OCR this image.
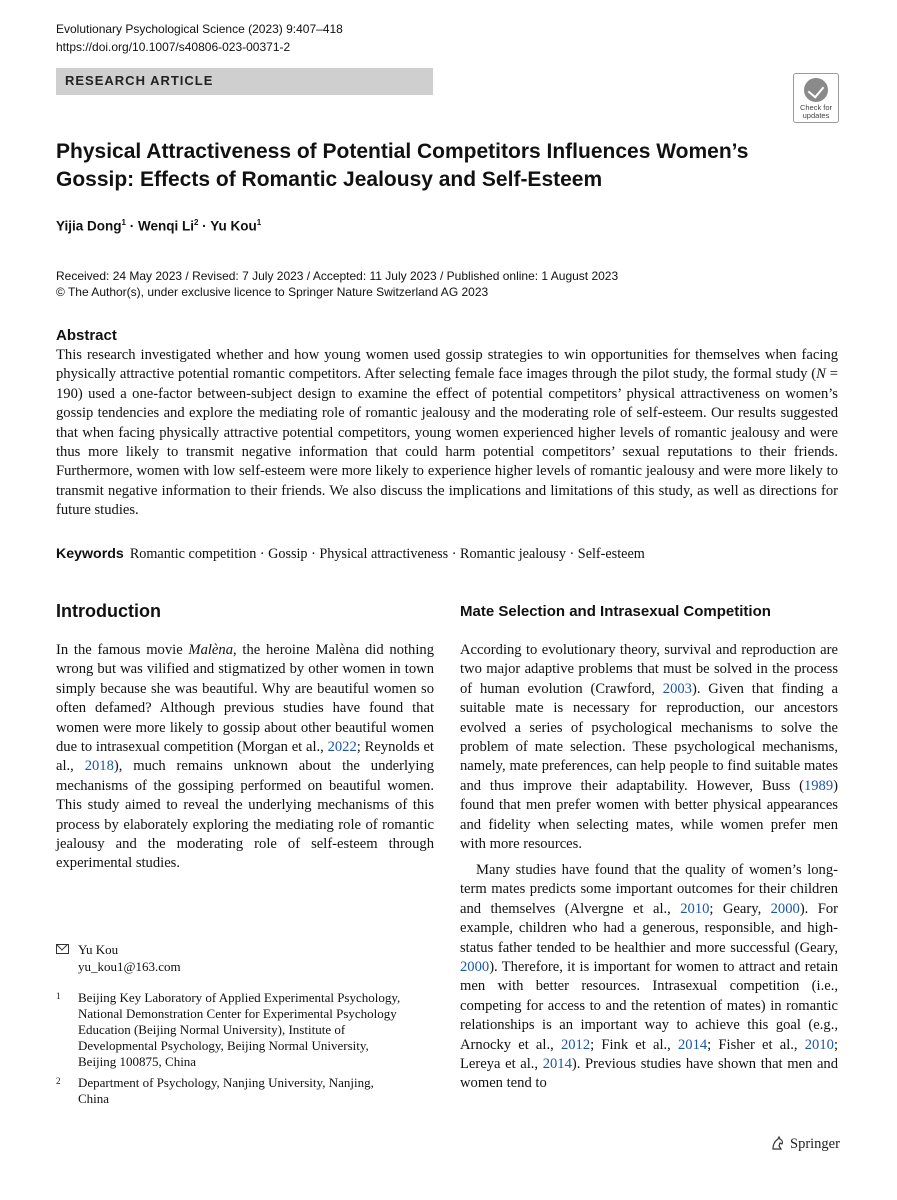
Evolutionary Psychological Science (2023) 9:407–418
https://doi.org/10.1007/s40806-023-00371-2
RESEARCH ARTICLE
Check for
updates
Physical Attractiveness of Potential Competitors Influences Women’s Gossip: Effects of Romantic Jealousy and Self-Esteem
Yijia Dong$^1$ · Wenqi $Li^2 \cdot Yu$ Kou$^1$
Received: 24 May 2023 / Revised: 7 July 2023 / Accepted: 11 July 2023 / Published online: 1 August 2023
© The Author(s), under exclusive licence to Springer Nature Switzerland AG 2023
Abstract

This research investigated whether and how young women used gossip strategies to win opportunities for themselves when facing physically attractive potential romantic competitors. After selecting female face images through the pilot study, the formal study (N = 190) used a one-factor between-subject design to examine the effect of potential competitors’ physical attractiveness on women’s gossip tendencies and explore the mediating role of romantic jealousy and the moderating role of self-esteem. Our results suggested that when facing physically attractive potential competitors, young women experienced higher levels of romantic jealousy and were thus more likely to transmit negative information that could harm potential competitors’ sexual reputations to their friends. Furthermore, women with low self-esteem were more likely to experience higher levels of romantic jealousy and were more likely to transmit negative information to their friends. We also discuss the implications and limitations of this study, as well as directions for future studies.

Keywords Romantic competition · Gossip · Physical attractiveness · Romantic jealousy · Self-esteem
Introduction

In the famous movie Malèna, the heroine Malèna did nothing wrong but was vilified and stigmatized by other women in town simply because she was beautiful. Why are beautiful women so often defamed? Although previous studies have found that women were more likely to gossip about other beautiful women due to intrasexual competition (Morgan et al., 2022; Reynolds et al., 2018), much remains unknown about the underlying mechanisms of the gossiping performed on beautiful women. This study aimed to reveal the underlying mechanisms of this process by elaborately exploring the mediating role of romantic jealousy and the moderating role of self-esteem through experimental studies.

Mate Selection and Intrasexual Competition

According to evolutionary theory, survival and reproduction are two major adaptive problems that must be solved in the process of human evolution (Crawford, 2003). Given that finding a suitable mate is necessary for reproduction, our ancestors evolved a series of psychological mechanisms to solve the problem of mate selection. These psychological mechanisms, namely, mate preferences, can help people to find suitable mates and thus improve their adaptability. However, Buss (1989) found that men prefer women with better physical appearances and fidelity when selecting mates, while women prefer men with more resources.

Many studies have found that the quality of women’s long-term mates predicts some important outcomes for their children and themselves (Alvergne et al., 2010; Geary, 2000). For example, children who had a generous, responsible, and high-status father tended to be healthier and more successful (Geary, 2000). Therefore, it is important for women to attract and retain men with better resources. Intrasexual competition (i.e., competing for access to and the retention of mates) in romantic relationships is an important way to achieve this goal (e.g., Arnocky et al., 2012; Fink et al., 2014; Fisher et al., 2010; Lereya et al., 2014). Previous studies have shown that men and women tend to

Yu Kou
yu_kou1@163.com
1 Beijing Key Laboratory of Applied Experimental Psychology, National Demonstration Center for Experimental Psychology Education (Beijing Normal University), Institute of Developmental Psychology, Beijing Normal University, Beijing 100875, China
2 Department of Psychology, Nanjing University, Nanjing, China
Springer
